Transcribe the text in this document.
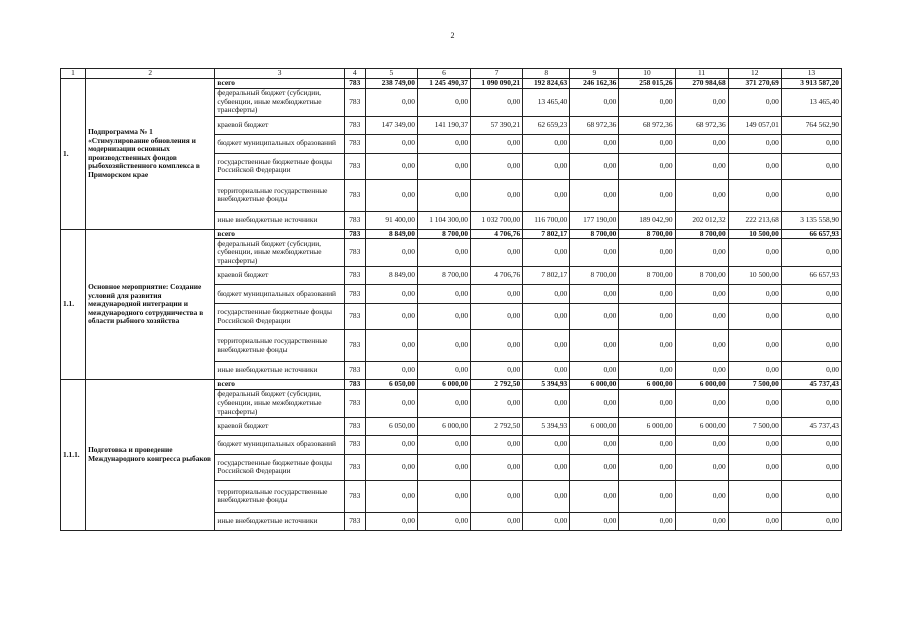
2
1	2	3	4	5	6	7	8	9	10	11	12	13
1.	Подпрограмма № 1 «Стимулирование обновления и модернизации основных производственных фондов рыбохозяйственного комплекса в Приморском крае	всего	783	238 749,00	1 245 490,37	1 090 090,21	192 824,63	246 162,36	258 015,26	270 984,68	371 270,69	3 913 587,20
		федеральный бюджет (субсидии, субвенции, иные межбюджетные трансферты)	783	0,00	0,00	0,00	13 465,40	0,00	0,00	0,00	0,00	13 465,40
		краевой бюджет	783	147 349,00	141 190,37	57 390,21	62 659,23	68 972,36	68 972,36	68 972,36	149 057,01	764 562,90
		бюджет муниципальных образований	783	0,00	0,00	0,00	0,00	0,00	0,00	0,00	0,00	0,00
		государственные бюджетные фонды Российской Федерации	783	0,00	0,00	0,00	0,00	0,00	0,00	0,00	0,00	0,00
		территориальные государственные внебюджетные фонды	783	0,00	0,00	0,00	0,00	0,00	0,00	0,00	0,00	0,00
		иные внебюджетные источники	783	91 400,00	1 104 300,00	1 032 700,00	116 700,00	177 190,00	189 042,90	202 012,32	222 213,68	3 135 558,90
1.1.	Основное мероприятие: Создание условий для развития международной интеграции и международного сотрудничества в области рыбного хозяйства	всего	783	8 849,00	8 700,00	4 706,76	7 802,17	8 700,00	8 700,00	8 700,00	10 500,00	66 657,93
		федеральный бюджет (субсидии, субвенции, иные межбюджетные трансферты)	783	0,00	0,00	0,00	0,00	0,00	0,00	0,00	0,00	0,00
		краевой бюджет	783	8 849,00	8 700,00	4 706,76	7 802,17	8 700,00	8 700,00	8 700,00	10 500,00	66 657,93
		бюджет муниципальных образований	783	0,00	0,00	0,00	0,00	0,00	0,00	0,00	0,00	0,00
		государственные бюджетные фонды Российской Федерации	783	0,00	0,00	0,00	0,00	0,00	0,00	0,00	0,00	0,00
		территориальные государственные внебюджетные фонды	783	0,00	0,00	0,00	0,00	0,00	0,00	0,00	0,00	0,00
		иные внебюджетные источники	783	0,00	0,00	0,00	0,00	0,00	0,00	0,00	0,00	0,00
1.1.1.	Подготовка и проведение Международного конгресса рыбаков	всего	783	6 050,00	6 000,00	2 792,50	5 394,93	6 000,00	6 000,00	6 000,00	7 500,00	45 737,43
		федеральный бюджет (субсидии, субвенции, иные межбюджетные трансферты)	783	0,00	0,00	0,00	0,00	0,00	0,00	0,00	0,00	0,00
		краевой бюджет	783	6 050,00	6 000,00	2 792,50	5 394,93	6 000,00	6 000,00	6 000,00	7 500,00	45 737,43
		бюджет муниципальных образований	783	0,00	0,00	0,00	0,00	0,00	0,00	0,00	0,00	0,00
		государственные бюджетные фонды Российской Федерации	783	0,00	0,00	0,00	0,00	0,00	0,00	0,00	0,00	0,00
		территориальные государственные внебюджетные фонды	783	0,00	0,00	0,00	0,00	0,00	0,00	0,00	0,00	0,00
		иные внебюджетные источники	783	0,00	0,00	0,00	0,00	0,00	0,00	0,00	0,00	0,00
